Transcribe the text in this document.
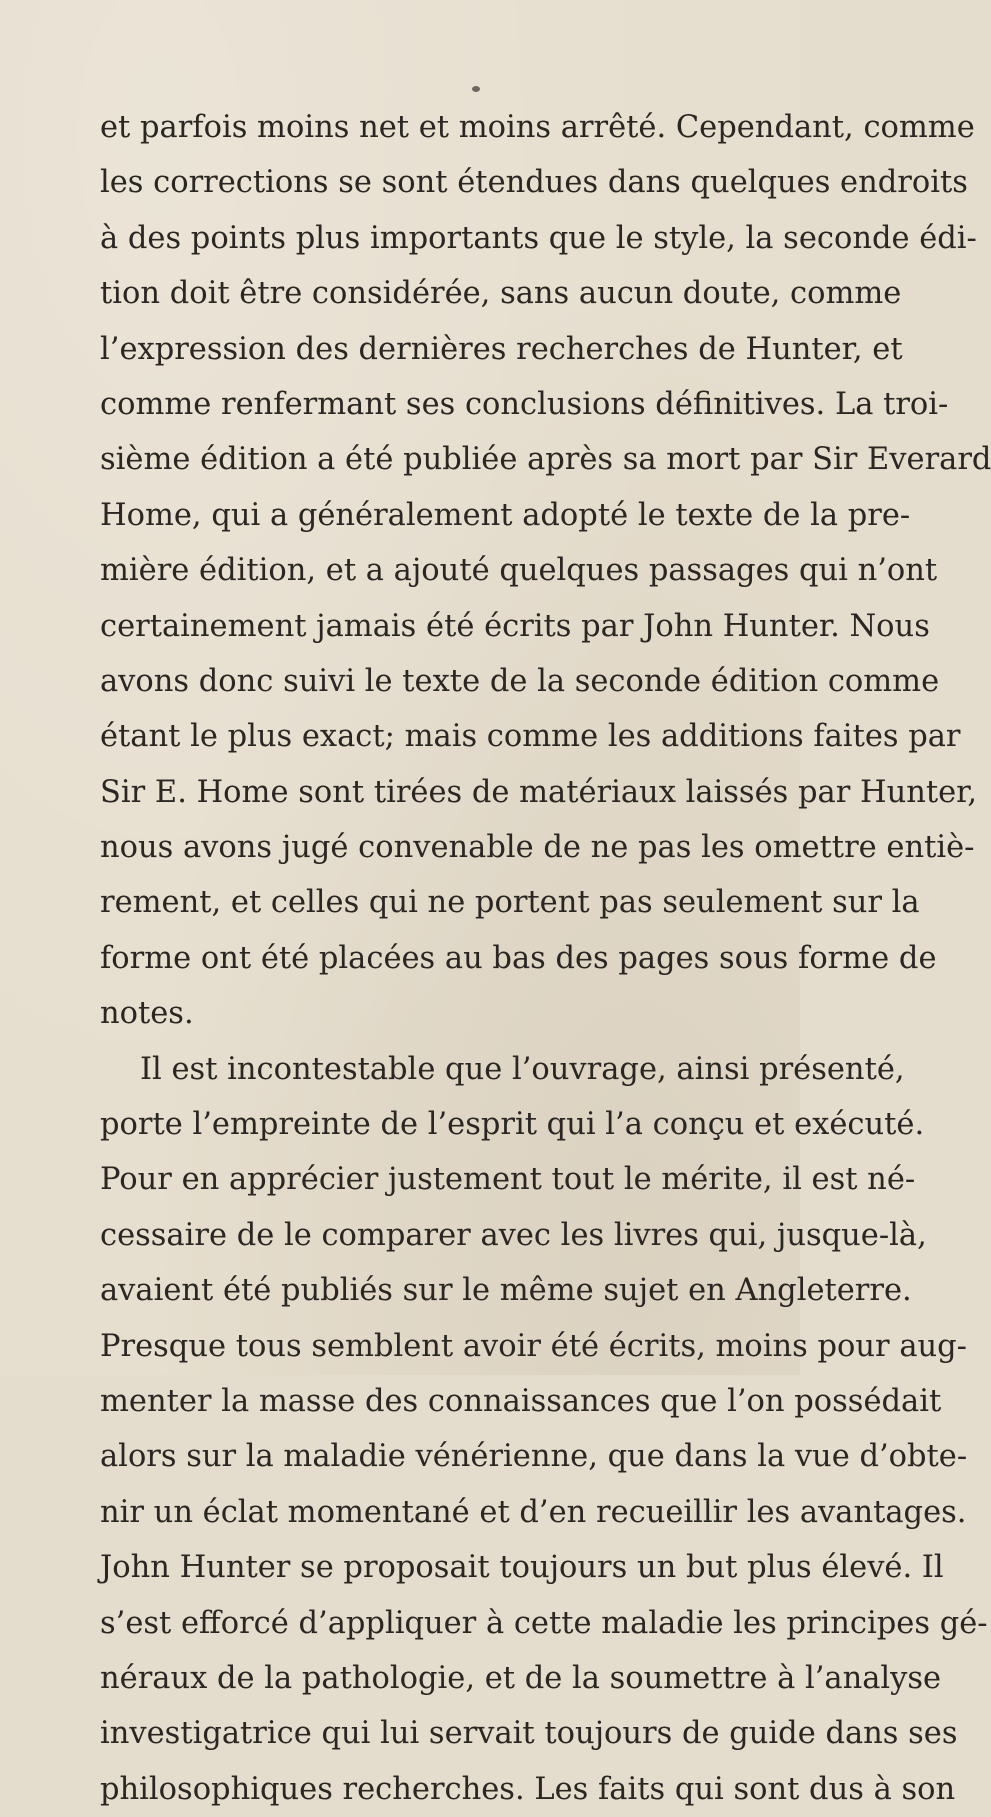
et parfois moins net et moins arrêté. Cependant, comme
les corrections se sont étendues dans quelques endroits
à des points plus importants que le style, la seconde édi-
tion doit être considérée, sans aucun doute, comme
l’expression des dernières recherches de Hunter, et
comme renfermant ses conclusions définitives. La troi-
sième édition a été publiée après sa mort par Sir Everard
Home, qui a généralement adopté le texte de la pre-
mière édition, et a ajouté quelques passages qui n’ont
certainement jamais été écrits par John Hunter. Nous
avons donc suivi le texte de la seconde édition comme
étant le plus exact; mais comme les additions faites par
Sir E. Home sont tirées de matériaux laissés par Hunter,
nous avons jugé convenable de ne pas les omettre entiè-
rement, et celles qui ne portent pas seulement sur la
forme ont été placées au bas des pages sous forme de
notes.
Il est incontestable que l’ouvrage, ainsi présenté,
porte l’empreinte de l’esprit qui l’a conçu et exécuté.
Pour en apprécier justement tout le mérite, il est né-
cessaire de le comparer avec les livres qui, jusque-là,
avaient été publiés sur le même sujet en Angleterre.
Presque tous semblent avoir été écrits, moins pour aug-
menter la masse des connaissances que l’on possédait
alors sur la maladie vénérienne, que dans la vue d’obte-
nir un éclat momentané et d’en recueillir les avantages.
John Hunter se proposait toujours un but plus élevé. Il
s’est efforcé d’appliquer à cette maladie les principes gé-
néraux de la pathologie, et de la soumettre à l’analyse
investigatrice qui lui servait toujours de guide dans ses
philosophiques recherches. Les faits qui sont dus à son
